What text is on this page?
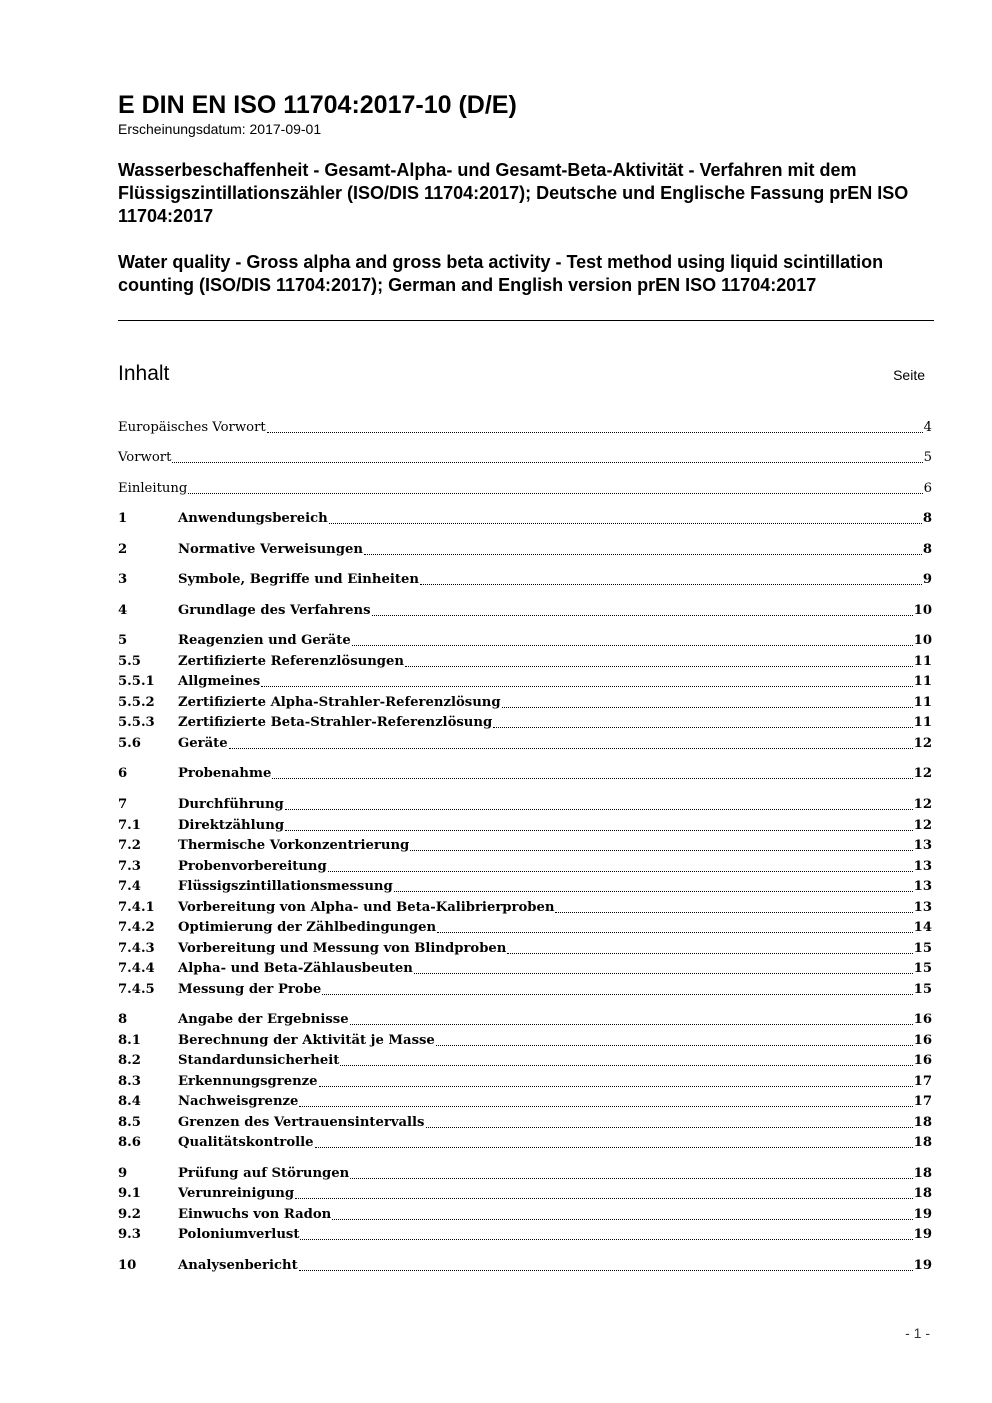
E DIN EN ISO 11704:2017-10 (D/E)
Erscheinungsdatum: 2017-09-01

Wasserbeschaffenheit - Gesamt-Alpha- und Gesamt-Beta-Aktivität - Verfahren mit dem Flüssigszintillationszähler (ISO/DIS 11704:2017); Deutsche und Englische Fassung prEN ISO 11704:2017

Water quality - Gross alpha and gross beta activity - Test method using liquid scintillation counting (ISO/DIS 11704:2017); German and English version prEN ISO 11704:2017

Inhalt	Seite
Europäisches Vorwort	4
Vorwort	5
Einleitung	6
1	Anwendungsbereich	8
2	Normative Verweisungen	8
3	Symbole, Begriffe und Einheiten	9
4	Grundlage des Verfahrens	10
5	Reagenzien und Geräte	10
5.5	Zertifizierte Referenzlösungen	11
5.5.1	Allgmeines	11
5.5.2	Zertifizierte Alpha-Strahler-Referenzlösung	11
5.5.3	Zertifizierte Beta-Strahler-Referenzlösung	11
5.6	Geräte	12
6	Probenahme	12
7	Durchführung	12
7.1	Direktzählung	12
7.2	Thermische Vorkonzentrierung	13
7.3	Probenvorbereitung	13
7.4	Flüssigszintillationsmessung	13
7.4.1	Vorbereitung von Alpha- und Beta-Kalibrierproben	13
7.4.2	Optimierung der Zählbedingungen	14
7.4.3	Vorbereitung und Messung von Blindproben	15
7.4.4	Alpha- und Beta-Zählausbeuten	15
7.4.5	Messung der Probe	15
8	Angabe der Ergebnisse	16
8.1	Berechnung der Aktivität je Masse	16
8.2	Standardunsicherheit	16
8.3	Erkennungsgrenze	17
8.4	Nachweisgrenze	17
8.5	Grenzen des Vertrauensintervalls	18
8.6	Qualitätskontrolle	18
9	Prüfung auf Störungen	18
9.1	Verunreinigung	18
9.2	Einwuchs von Radon	19
9.3	Poloniumverlust	19
10	Analysenbericht	19
- 1 -
